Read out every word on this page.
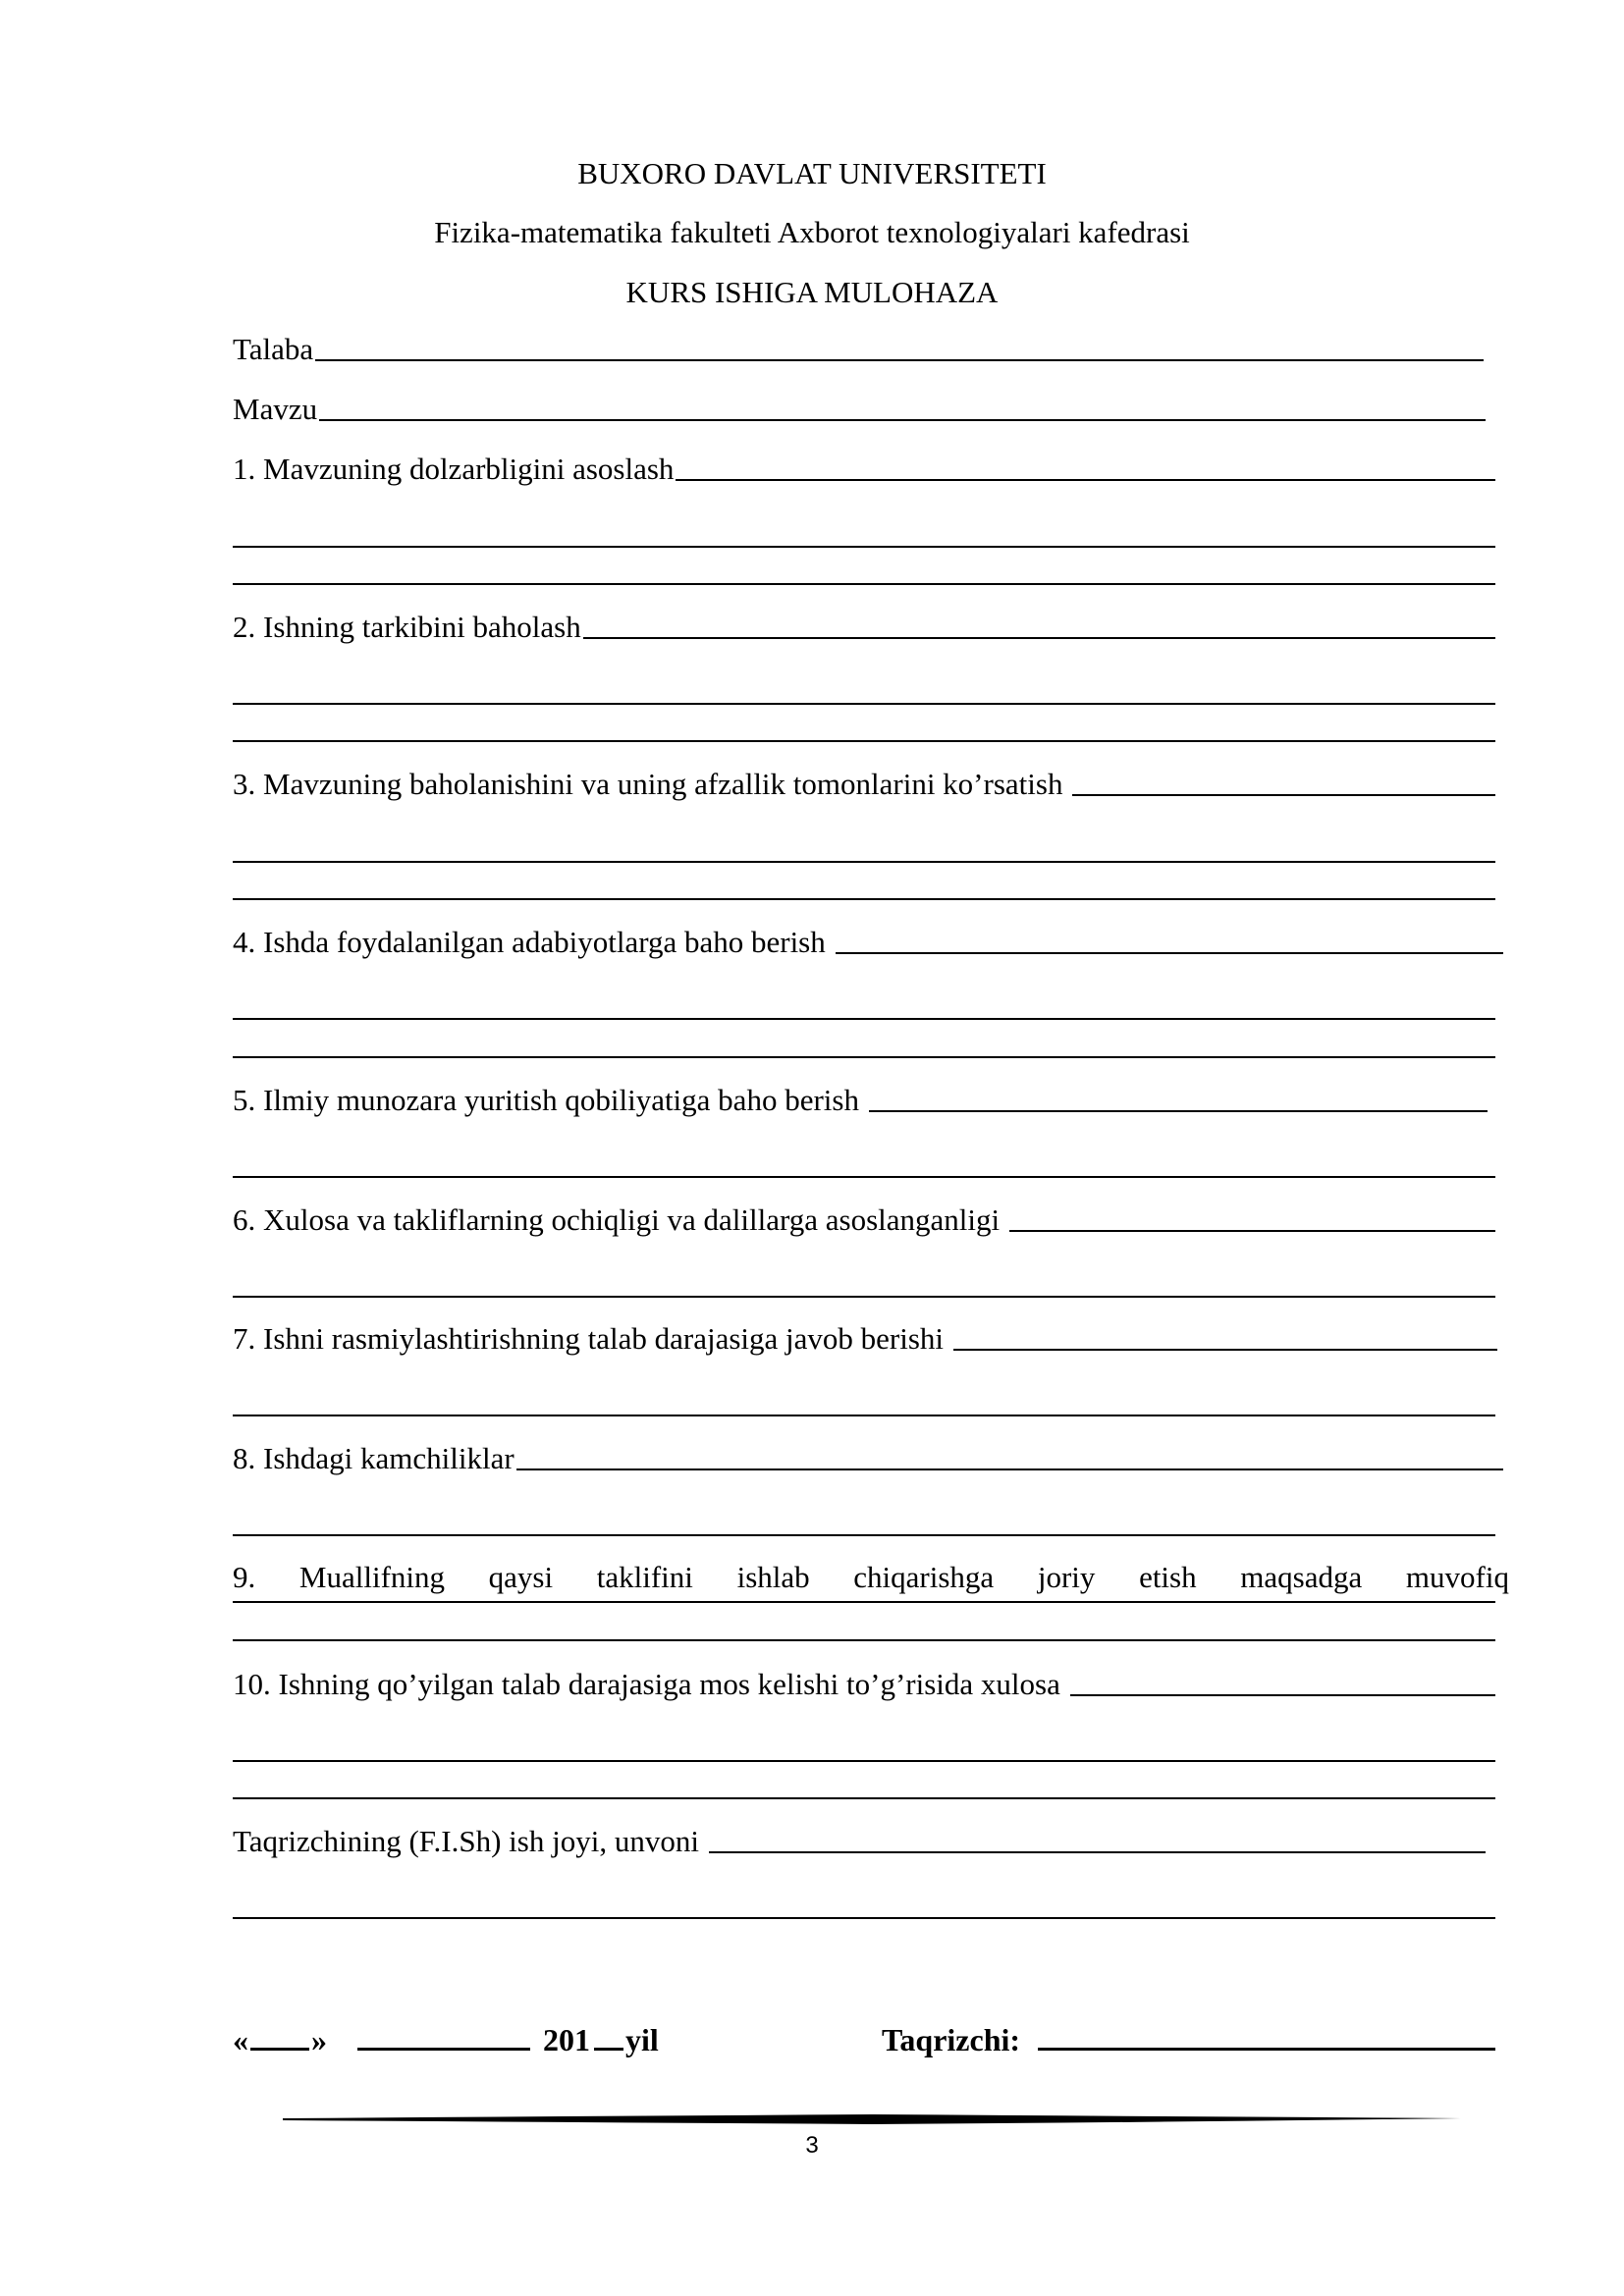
BUXORO DAVLAT UNIVERSITETI
Fizika-matematika fakulteti Axborot texnologiyalari kafedrasi
KURS ISHIGA MULOHAZA
Talaba
Mavzu
1. Mavzuning dolzarbligini asoslash
2. Ishning tarkibini baholash
3. Mavzuning baholanishini va uning afzallik tomonlarini ko’rsatish
4. Ishda foydalanilgan adabiyotlarga baho berish
5. Ilmiy munozara yuritish qobiliyatiga baho berish
6. Xulosa va takliflarning ochiqligi va dalillarga asoslanganligi
7. Ishni rasmiylashtirishning talab darajasiga javob berishi
8. Ishdagi kamchiliklar
9. Muallifning qaysi taklifini ishlab chiqarishga joriy etish maqsadga muvofiq
10. Ishning qo’yilgan talab darajasiga mos kelishi to’g’risida xulosa
Taqrizchining (F.I.Sh) ish joyi, unvoni
« »	201 yil	Taqrizchi:
3
